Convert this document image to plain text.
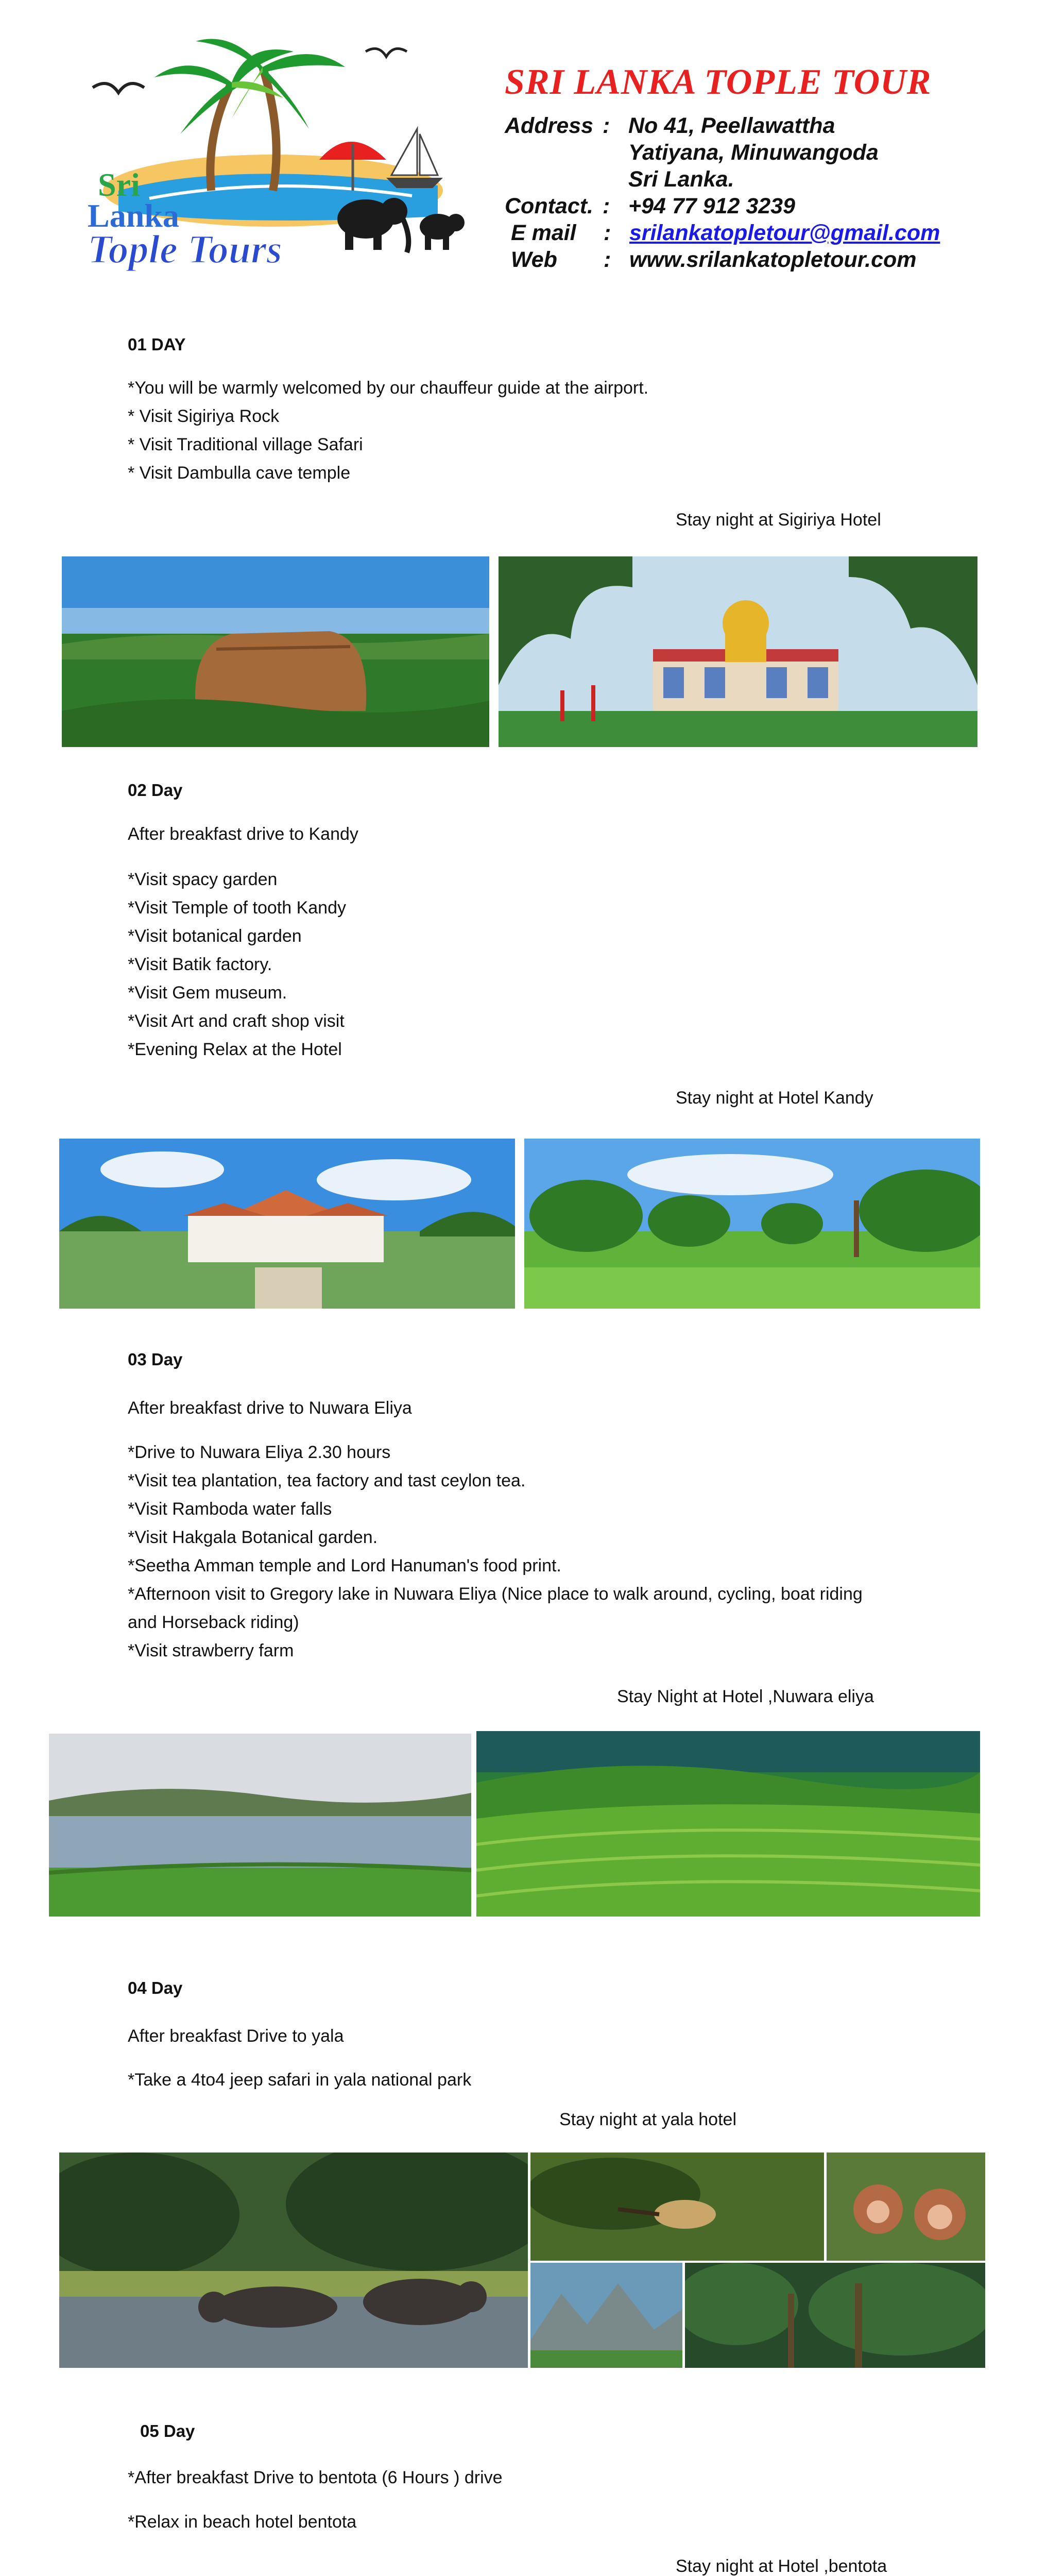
Sri
Lanka
Tople Tours
SRI LANKA TOPLE TOUR
Address : No 41, Peellawattha
Yatiyana, Minuwangoda
Sri Lanka.
Contact. : +94 77 912 3239
E mail : srilankatopletour@gmail.com
Web : www.srilankatopletour.com
01 DAY
*You will be warmly welcomed by our chauffeur guide at the airport.
* Visit Sigiriya Rock
* Visit Traditional village Safari
* Visit Dambulla cave temple
Stay night at Sigiriya Hotel
02 Day
After breakfast drive to Kandy
*Visit spacy garden
*Visit Temple of tooth Kandy
*Visit botanical garden
*Visit Batik factory.
*Visit Gem museum.
*Visit Art and craft shop visit
*Evening Relax at the Hotel
Stay night at Hotel Kandy
03 Day
After breakfast drive to Nuwara Eliya
*Drive to Nuwara Eliya 2.30 hours
*Visit tea plantation, tea factory and tast ceylon tea.
*Visit Ramboda water falls
*Visit Hakgala Botanical garden.
*Seetha Amman temple and Lord Hanuman's food print.
*Afternoon visit to Gregory lake in Nuwara Eliya (Nice place to walk around, cycling, boat riding
and Horseback riding)
*Visit strawberry farm
Stay Night at Hotel ,Nuwara eliya
04 Day
After breakfast Drive to yala
*Take a 4to4 jeep safari in yala national park
Stay night at yala hotel
05 Day
*After breakfast Drive to bentota (6 Hours ) drive
*Relax in beach hotel bentota
Stay night at Hotel ,bentota
